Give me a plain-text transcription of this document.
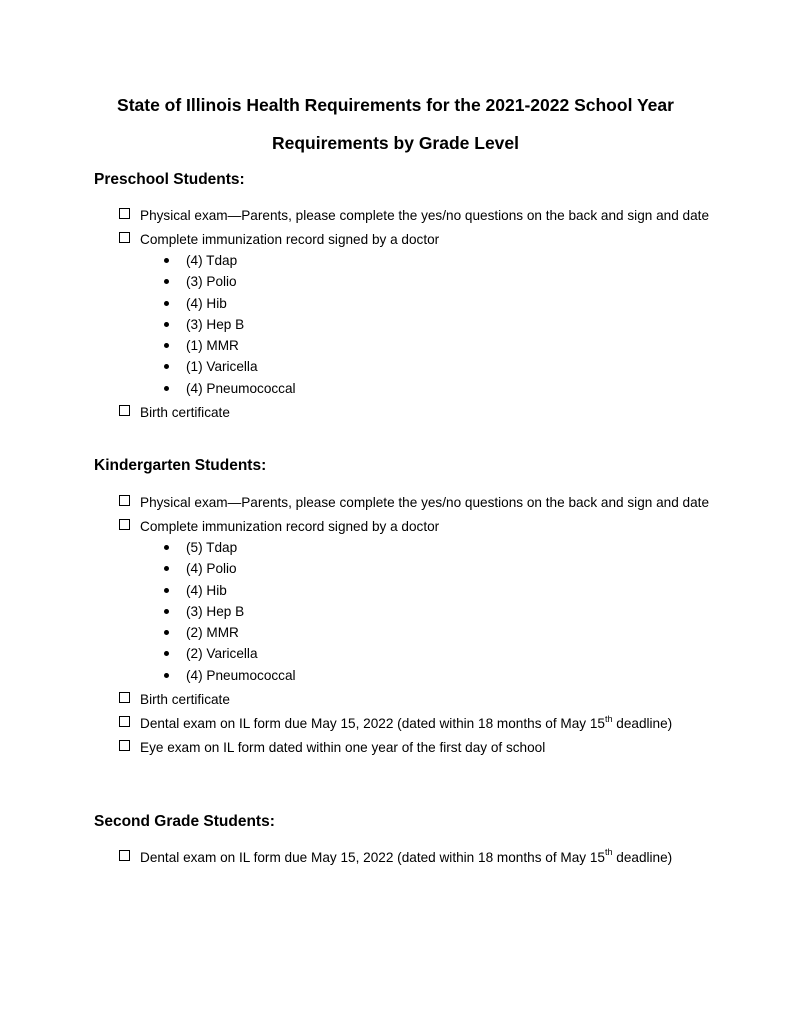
State of Illinois Health Requirements for the 2021-2022 School Year
Requirements by Grade Level
Preschool Students:
Physical exam—Parents, please complete the yes/no questions on the back and sign and date
Complete immunization record signed by a doctor
(4) Tdap
(3) Polio
(4) Hib
(3) Hep B
(1) MMR
(1) Varicella
(4) Pneumococcal
Birth certificate
Kindergarten Students:
Physical exam—Parents, please complete the yes/no questions on the back and sign and date
Complete immunization record signed by a doctor
(5) Tdap
(4) Polio
(4) Hib
(3) Hep B
(2) MMR
(2) Varicella
(4) Pneumococcal
Birth certificate
Dental exam on IL form due May 15, 2022 (dated within 18 months of May 15th deadline)
Eye exam on IL form dated within one year of the first day of school
Second Grade Students:
Dental exam on IL form due May 15, 2022 (dated within 18 months of May 15th deadline)
